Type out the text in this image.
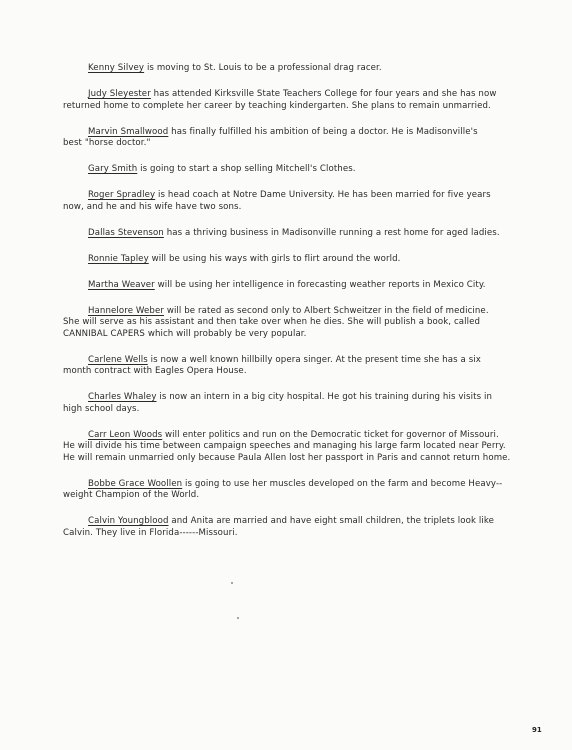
Kenny Silvey is moving to St. Louis to be a professional drag racer.

Judy Sleyester has attended Kirksville State Teachers College for four years and she has now

returned home to complete her career by teaching kindergarten. She plans to remain unmarried.

Marvin Smallwood has finally fulfilled his ambition of being a doctor. He is Madisonville's

best "horse doctor."

Gary Smith is going to start a shop selling Mitchell's Clothes.

Roger Spradley is head coach at Notre Dame University. He has been married for five years

now, and he and his wife have two sons.

Dallas Stevenson has a thriving business in Madisonville running a rest home for aged ladies.

Ronnie Tapley will be using his ways with girls to flirt around the world.

Martha Weaver will be using her intelligence in forecasting weather reports in Mexico City.

Hannelore Weber will be rated as second only to Albert Schweitzer in the field of medicine.

She will serve as his assistant and then take over when he dies. She will publish a book, called

CANNIBAL CAPERS which will probably be very popular.

Carlene Wells is now a well known hillbilly opera singer. At the present time she has a six

month contract with Eagles Opera House.

Charles Whaley is now an intern in a big city hospital. He got his training during his visits in

high school days.

Carr Leon Woods will enter politics and run on the Democratic ticket for governor of Missouri.

He will divide his time between campaign speeches and managing his large farm located near Perry.

He will remain unmarried only because Paula Allen lost her passport in Paris and cannot return home.

Bobbe Grace Woollen is going to use her muscles developed on the farm and become Heavy--

weight Champion of the World.

Calvin Youngblood and Anita are married and have eight small children, the triplets look like

Calvin. They live in Florida------Missouri.

91
